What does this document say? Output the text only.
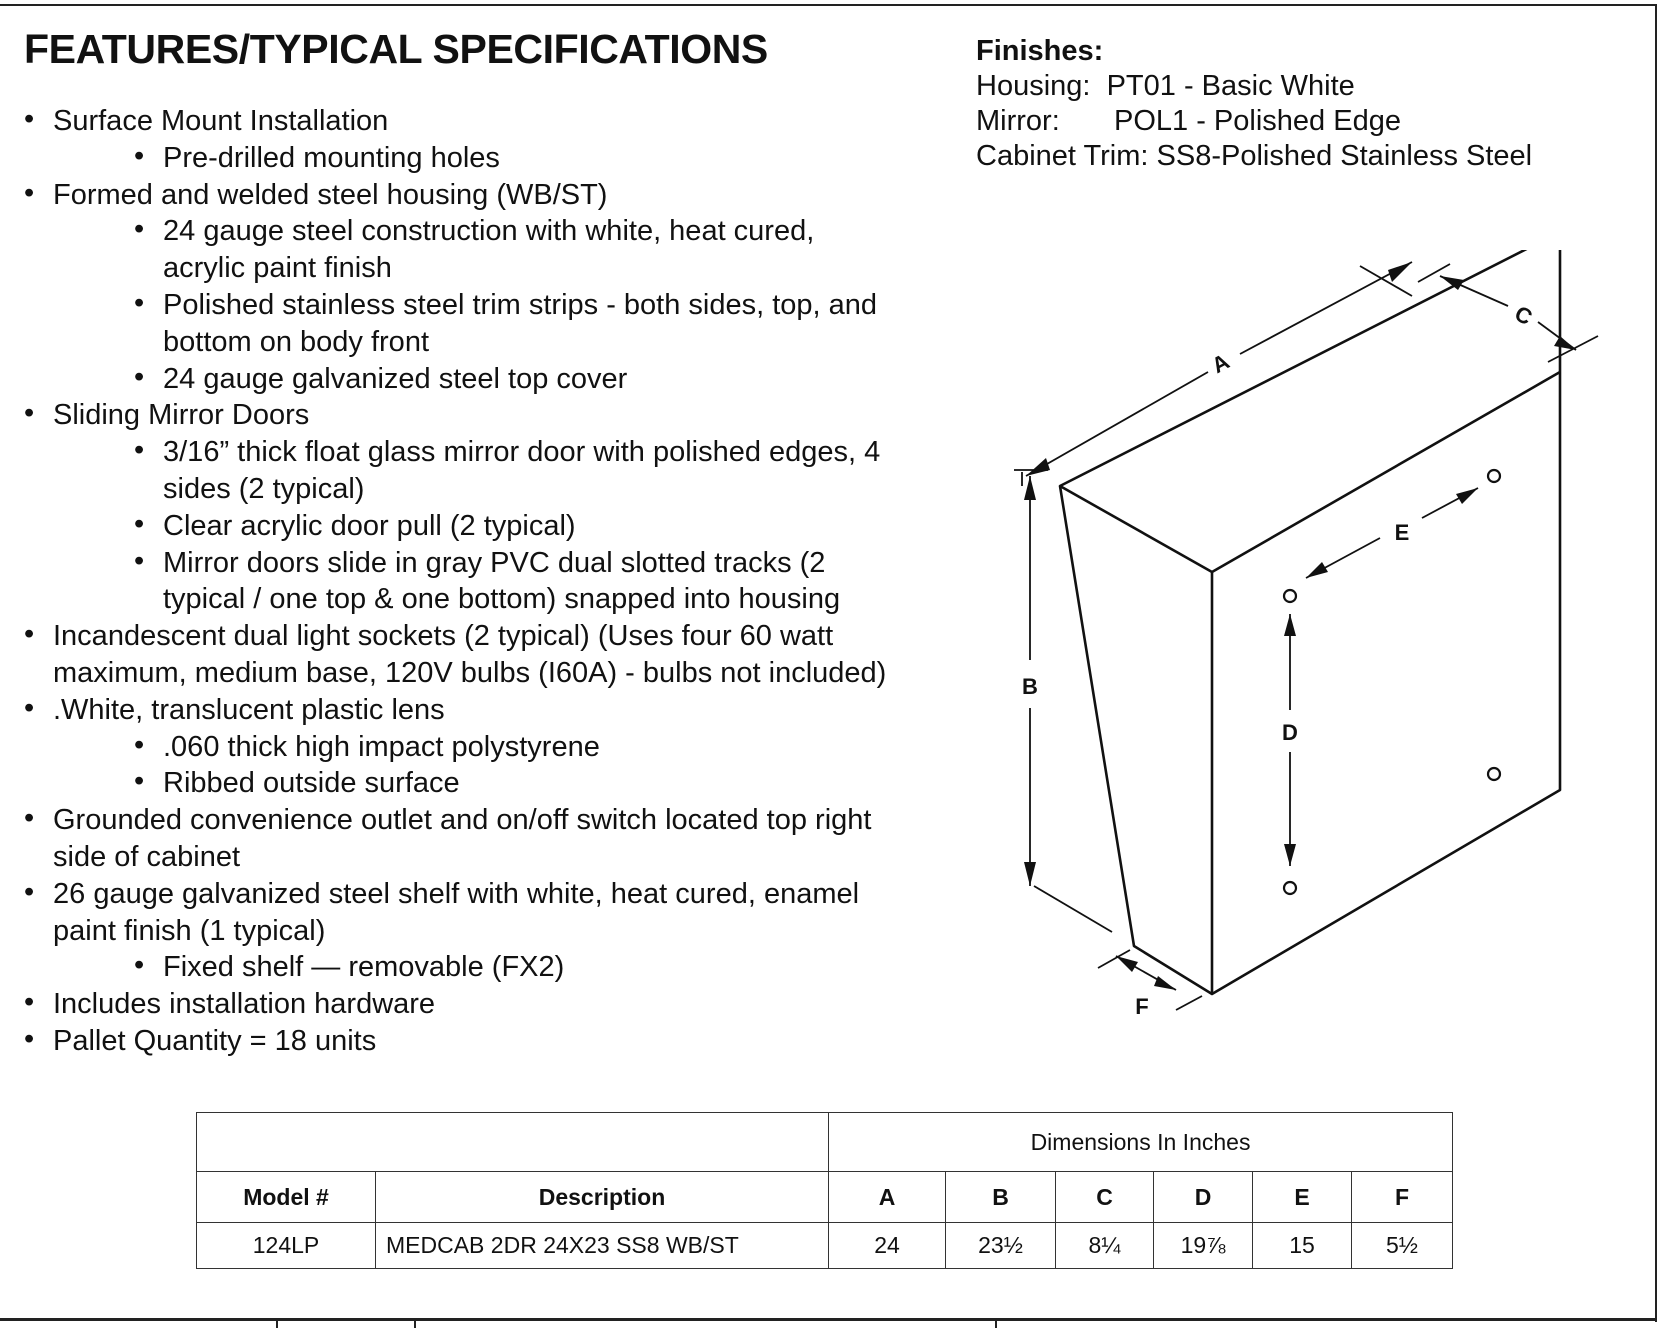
FEATURES/TYPICAL SPECIFICATIONS
• Surface Mount Installation
• Pre-drilled mounting holes
• Formed and welded steel housing (WB/ST)
• 24 gauge steel construction with white, heat cured,
acrylic paint finish
• Polished stainless steel trim strips - both sides, top, and
bottom on body front
• 24 gauge galvanized steel top cover
• Sliding Mirror Doors
• 3/16” thick float glass mirror door with polished edges, 4
sides (2 typical)
• Clear acrylic door pull (2 typical)
• Mirror doors slide in gray PVC dual slotted tracks (2
typical / one top & one bottom) snapped into housing
• Incandescent dual light sockets (2 typical) (Uses four 60 watt
maximum, medium base, 120V bulbs (I60A) - bulbs not included)
• .White, translucent plastic lens
• .060 thick high impact polystyrene
• Ribbed outside surface
• Grounded convenience outlet and on/off switch located top right
side of cabinet
• 26 gauge galvanized steel shelf with white, heat cured, enamel
paint finish (1 typical)
• Fixed shelf — removable (FX2)
• Includes installation hardware
• Pallet Quantity = 18 units
Finishes:
Housing: PT01 - Basic White
Mirror: POL1 - Polished Edge
Cabinet Trim: SS8-Polished Stainless Steel
A
B
C
D
E
F
		Dimensions In Inches					
Model #	Description	A	B	C	D	E	F
124LP	MEDCAB 2DR 24X23 SS8 WB/ST	24	23½	8¼	19⅞	15	5½
